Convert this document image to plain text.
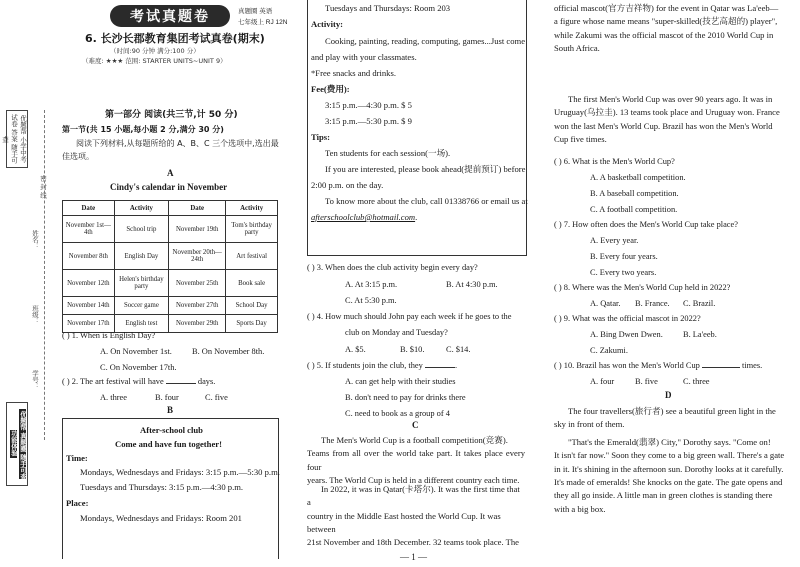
优题帮 小学中考试卷 答案 随手可查
优题帮 真题圈 随手可查 功能体验
姓名：
班级：
学号：
密 封 线
考试真题卷	真题圈 英语
七年级上 RJ 12N
6. 长沙长郡教育集团考试真卷(期末)
（时间:90 分钟 满分:100 分）
（难度: ★★★ 范围: STARTER UNITS~UNIT 9）
第一部分 阅读(共三节,计 50 分)
第一节(共 15 小题,每小题 2 分,满分 30 分)
阅读下列材料,从每题所给的 A、B、C 三个选项中,选出最佳选项。
A
Cindy's calendar in November
Date	Activity	Date	Activity
November 1st—4th	School trip	November 19th	Tom's birthday party
November 8th	English Day	November 20th—24th	Art festival
November 12th	Helen's birthday party	November 25th	Book sale
November 14th	Soccer game	November 27th	School Day
November 17th	English test	November 29th	Sports Day
( ) 1. When is English Day?
A. On November 1st. B. On November 8th.
C. On November 17th.
( ) 2. The art festival will have	days.
A. three	B. four	C. five
B
After-school club
Come and have fun together!
Time:
Mondays, Wednesdays and Fridays: 3:15 p.m.—5:30 p.m.
Tuesdays and Thursdays: 3:15 p.m.—4:30 p.m.
Place:
Mondays, Wednesdays and Fridays: Room 201
Tuesdays and Thursdays: Room 203
Activity:
Cooking, painting, reading, computing, games...Just come
and play with your classmates.
*Free snacks and drinks.
Fee(费用):
3:15 p.m.—4:30 p.m. $ 5
3:15 p.m.—5:30 p.m. $ 9
Tips:
Ten students for each session(一场).
If you are interested, please book ahead(提前预订) before
2:00 p.m. on the day.
To know more about the club, call 01338766 or email us at
afterschoolclub@hotmail.com.
( ) 3. When does the club activity begin every day?
A. At 3:15 p.m.	B. At 4:30 p.m.
C. At 5:30 p.m.
( ) 4. How much should John pay each week if he goes to the
club on Monday and Tuesday?
A. $5.	B. $10.	C. $14.
( ) 5. If students join the club, they	.
A. can get help with their studies
B. don't need to pay for drinks there
C. need to book as a group of 4
C
The Men's World Cup is a football competition(竞赛).
Teams from all over the world take part. It takes place every four
years. The World Cup is held in a different country each time.
In 2022, it was in Qatar(卡塔尔). It was the first time that a
country in the Middle East hosted the World Cup. It was between
21st November and 18th December. 32 teams took place. The
official mascot(官方吉祥物) for the event in Qatar was La'eeb—
a figure whose name means "super-skilled(技艺高超的) player",
while Zakumi was the official mascot of the 2010 World Cup in
South Africa.
The first Men's World Cup was over 90 years ago. It was in
Uruguay(乌拉圭). 13 teams took place and Uruguay won. France
won the last Men's World Cup. Brazil has won the Men's World
Cup five times.
( ) 6. What is the Men's World Cup?
A. A basketball competition.
B. A baseball competition.
C. A football competition.
( ) 7. How often does the Men's World Cup take place?
A. Every year.
B. Every four years.
C. Every two years.
( ) 8. Where was the Men's World Cup held in 2022?
A. Qatar. B. France. C. Brazil.
( ) 9. What was the official mascot in 2022?
A. Bing Dwen Dwen. B. La'eeb.
C. Zakumi.
( ) 10. Brazil has won the Men's World Cup	times.
A. four B. five	C. three
D
The four travellers(旅行者) see a beautiful green light in the
sky in front of them.
"That's the Emerald(翡翠) City," Dorothy says. "Come on!
It isn't far now." Soon they come to a big green wall. There's a gate
in it. It's shining in the afternoon sun. Dorothy looks at it carefully.
It's made of emeralds! She knocks on the gate. The gate opens and
they all go inside. A little man in green clothes is standing there
with a big box.
— 1 —
